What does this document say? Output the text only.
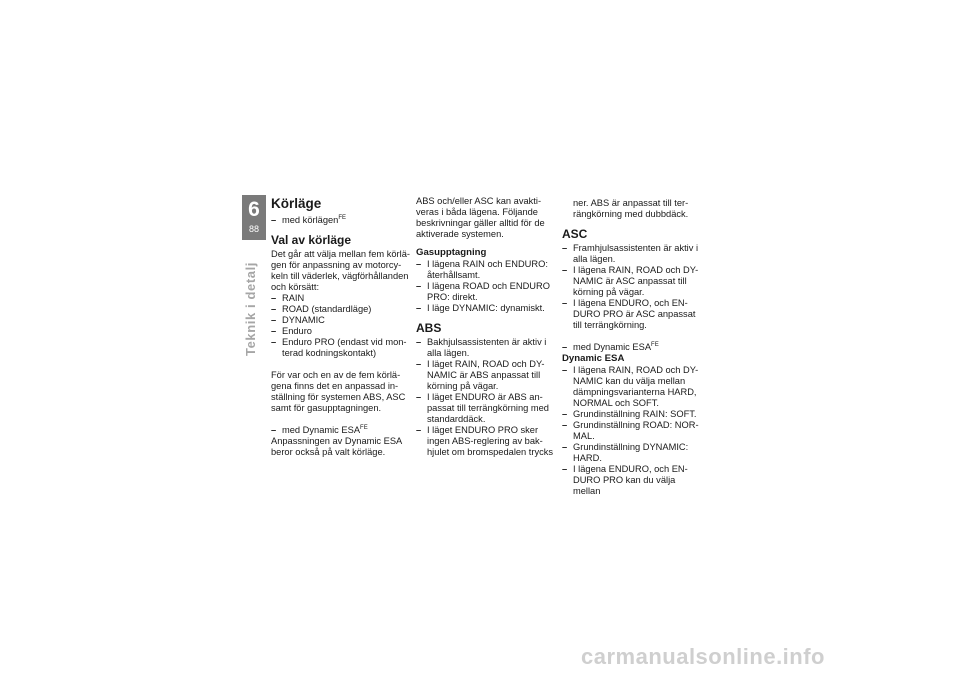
6
88
Teknik i detalj
Körläge
– med körlägen$^{FE}$
Val av körläge

Det går att välja mellan fem körlä-gen för anpassning av motorcy-keln till väderlek, vägförhållanden och körsätt:

– RAIN
– ROAD (standardläge)
– DYNAMIC
– Enduro
– Enduro PRO (endast vid mon-terad kodningskontakt)

För var och en av de fem körlä-gena finns det en anpassad in-ställning för systemen ABS, ASC samt för gasupptagningen.

– med Dynamic $ESA^{FE}$

Anpassningen av Dynamic ESA beror också på valt körläge.

ABS och/eller ASC kan avakti-veras i båda lägena. Följande beskrivningar gäller alltid för de aktiverade systemen.

Gasupptagning
– I lägena RAIN och ENDURO: återhållsamt.
– I lägena ROAD och ENDURO PRO: direkt.
– I läge DYNAMIC: dynamiskt.
ABS
– Bakhjulsassistenten är aktiv i alla lägen.
– I läget RAIN, ROAD och DY-NAMIC är ABS anpassat till körning på vägar.
– I läget ENDURO är ABS an-passat till terrängkörning med standarddäck.
– I läget ENDURO PRO sker ingen ABS-reglering av bak-hjulet om bromspedalen trycks

ner. ABS är anpassat till ter-rängkörning med dubbdäck.

ASC
– Framhjulsassistenten är aktiv i alla lägen.
– I lägena RAIN, ROAD och DY-NAMIC är ASC anpassat till körning på vägar.
– I lägena ENDURO, och EN-DURO PRO är ASC anpassat till terrängkörning.
– med Dynamic $ESA^{FE}$
Dynamic ESA
– I lägena RAIN, ROAD och DY-NAMIC kan du välja mellan dämpningsvarianterna HARD, NORMAL och SOFT.
– Grundinställning RAIN: SOFT.
– Grundinställning ROAD: NOR-MAL.
– Grundinställning DYNAMIC: HARD.
– I lägena ENDURO, och EN-DURO PRO kan du välja mellan
carmanualsonline.info
